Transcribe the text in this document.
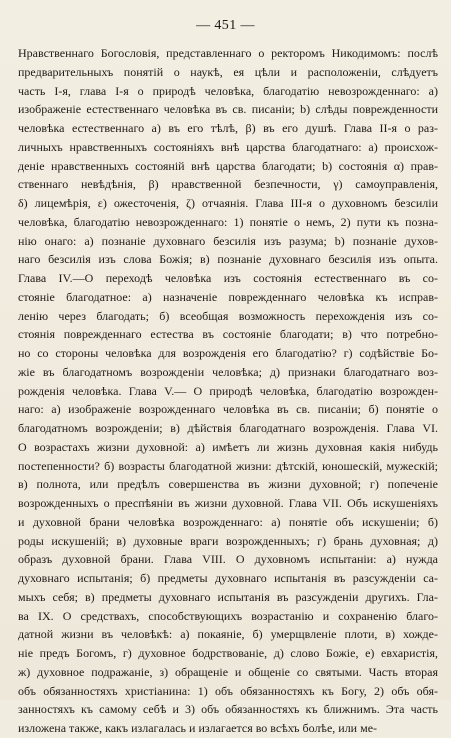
— 451 —
Нравственнаго Богословія, представленнаго о ректоромъ Никодимомъ: послѣ
предварительныхъ понятій о наукѣ, ея цѣли и расположеніи, слѣдуетъ
часть I-я, глава I-я о природѣ человѣка, благодатію невозрожденнаго: а)
изображеніе естественнаго человѣка въ св. писаніи; b) слѣды поврежденности
человѣка естественнаго а) въ его тѣлѣ, β) въ его душѣ. Глава II-я о раз-
личныхъ нравственныхъ состояніяхъ внѣ царства благодатнаго: а) происхож-
деніе нравственныхъ состояній внѣ царства благодати; b) состоянія α) прав-
ственнаго невѣдѣнія, β) нравственной безпечности, γ) самоуправленія,
δ) лицемѣрія, ε) ожесточенія, ζ) отчаянія. Глава III-я о духовномъ безсиліи
человѣка, благодатію невозрожденнаго: 1) понятіе о немъ, 2) пути къ позна-
нію онаго: а) познаніе духовнаго безсилія изъ разума; b) познаніе духов-
наго безсилія изъ слова Божія; в) познаніе духовнаго безсилія изъ опыта.
Глава IV.—О переходѣ человѣка изъ состоянія естественнаго въ со-
стояніе благодатное: а) назначеніе поврежденнаго человѣка къ исправ-
ленію через благодать; б) всеобщая возможность перехожденія изъ со-
стоянія поврежденнаго естества въ состояніе благодати; в) что потребно-
но со стороны человѣка для возрожденія его благодатію? г) содѣйствіе Бо-
жіе въ благодатномъ возрожденіи человѣка; д) признаки благодатнаго воз-
рожденія человѣка. Глава V.— О природѣ человѣка, благодатію возрожден-
наго: а) изображеніе возрожденнаго человѣка въ св. писаніи; б) понятіе о
благодатномъ возрожденіи; в) дѣйствія благодатнаго возрожденія. Глава VI.
О возрастахъ жизни духовной: а) имѣетъ ли жизнь духовная какія нибудь
постепенности? б) возрасты благодатной жизни: дѣтскій, юношескій, мужескій;
в) полнота, или предѣлъ совершенства въ жизни духовной; г) попеченіе
возрожденныхъ о преспѣяніи въ жизни духовной. Глава VII. Объ искушеніяхъ
и духовной брани человѣка возрожденнаго: а) понятіе объ искушеніи; б)
роды искушеній; в) духовные враги возрожденныхъ; г) брань духовная; д)
образъ духовной брани. Глава VIII. О духовномъ испытаніи: а) нужда
духовнаго испытанія; б) предметы духовнаго испытанія въ разсужденіи са-
мыхъ себя; в) предметы духовнаго испытанія въ разсужденіи другихъ. Гла-
ва IX. О средствахъ, способствующихъ возрастанію и сохраненію благо-
датной жизни въ человѣкѣ: а) покаяніе, б) умерщвленіе плоти, в) хожде-
ніе предъ Богомъ, г) духовное бодрствованіе, д) слово Божіе, е) евхаристія,
ж) духовное подражаніе, з) обращеніе и общеніе со святыми. Часть вторая
объ обязанностяхъ христіанина: 1) объ обязанностяхъ къ Богу, 2) объ обя-
занностяхъ къ самому себѣ и 3) объ обязанностяхъ къ ближнимъ. Эта часть
изложена также, какъ излагалась и излагается во всѣхъ болѣе, или ме-
